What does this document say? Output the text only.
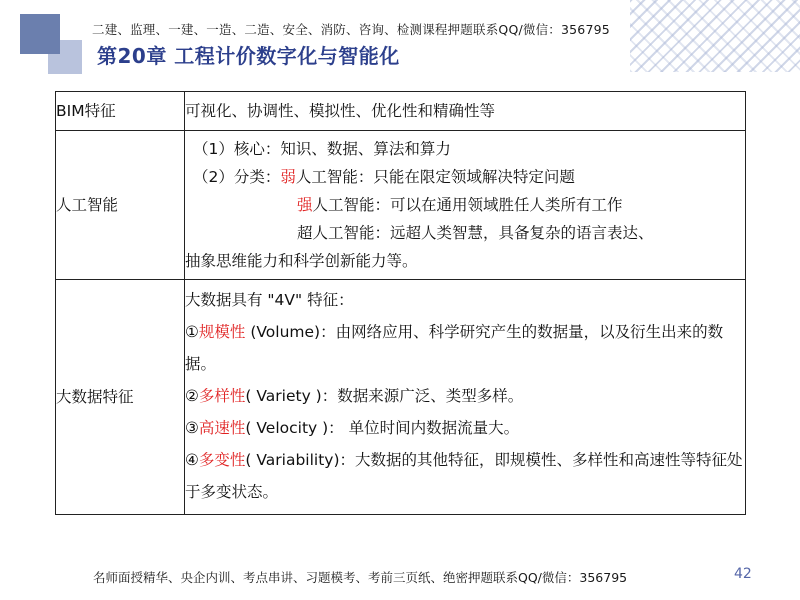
二建、监理、一建、一造、二造、安全、消防、咨询、检测课程押题联系QQ/微信：356795
第20章 工程计价数字化与智能化
BIM特征	可视化、协调性、模拟性、优化性和精确性等
人工智能	（1）核心：知识、数据、算法和算力
（2）分类：弱人工智能：只能在限定领域解决特定问题
强人工智能：可以在通用领域胜任人类所有工作
超人工智能：远超人类智慧，具备复杂的语言表达、
抽象思维能力和科学创新能力等。

大数据特征	大数据具有 "4V" 特征：
①规模性 (Volume)：由网络应用、科学研究产生的数据量，以及衍生出来的数据。
②多样性( Variety )：数据来源广泛、类型多样。
③高速性( Velocity )： 单位时间内数据流量大。
④多变性( Variability)：大数据的其他特征，即规模性、多样性和高速性等特征处于多变状态。
名师面授精华、央企内训、考点串讲、习题模考、考前三页纸、绝密押题联系QQ/微信：356795	42
